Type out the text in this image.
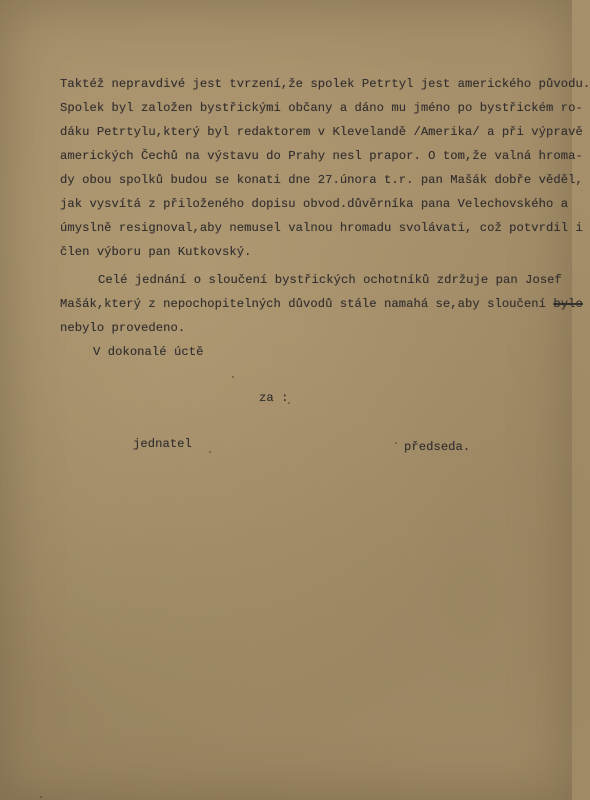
Taktéž nepravdivé jest tvrzení,že spolek Petrtyl jest amerického původu.
Spolek byl založen bystřickými občany a dáno mu jméno po bystřickém ro-
dáku Petrtylu,který byl redaktorem v Klevelandě /Amerika/ a při výpravě
amerických Čechů na výstavu do Prahy nesl prapor. O tom,že valná hroma-
dy obou spolků budou se konati dne 27.února t.r. pan Mašák dobře věděl,
jak vysvítá z přiloženého dopisu obvod.důvěrníka pana Velechovského a
úmyslně resignoval,aby nemusel valnou hromadu svolávati, což potvrdil i
člen výboru pan Kutkovský.
Celé jednání o sloučení bystřických ochotníků zdržuje pan Josef
Mašák,který z nepochopitelných důvodů stále namahá se,aby sloučení bylo
nebylo provedeno.
V dokonalé úctě
za :
jednatel	předseda.
